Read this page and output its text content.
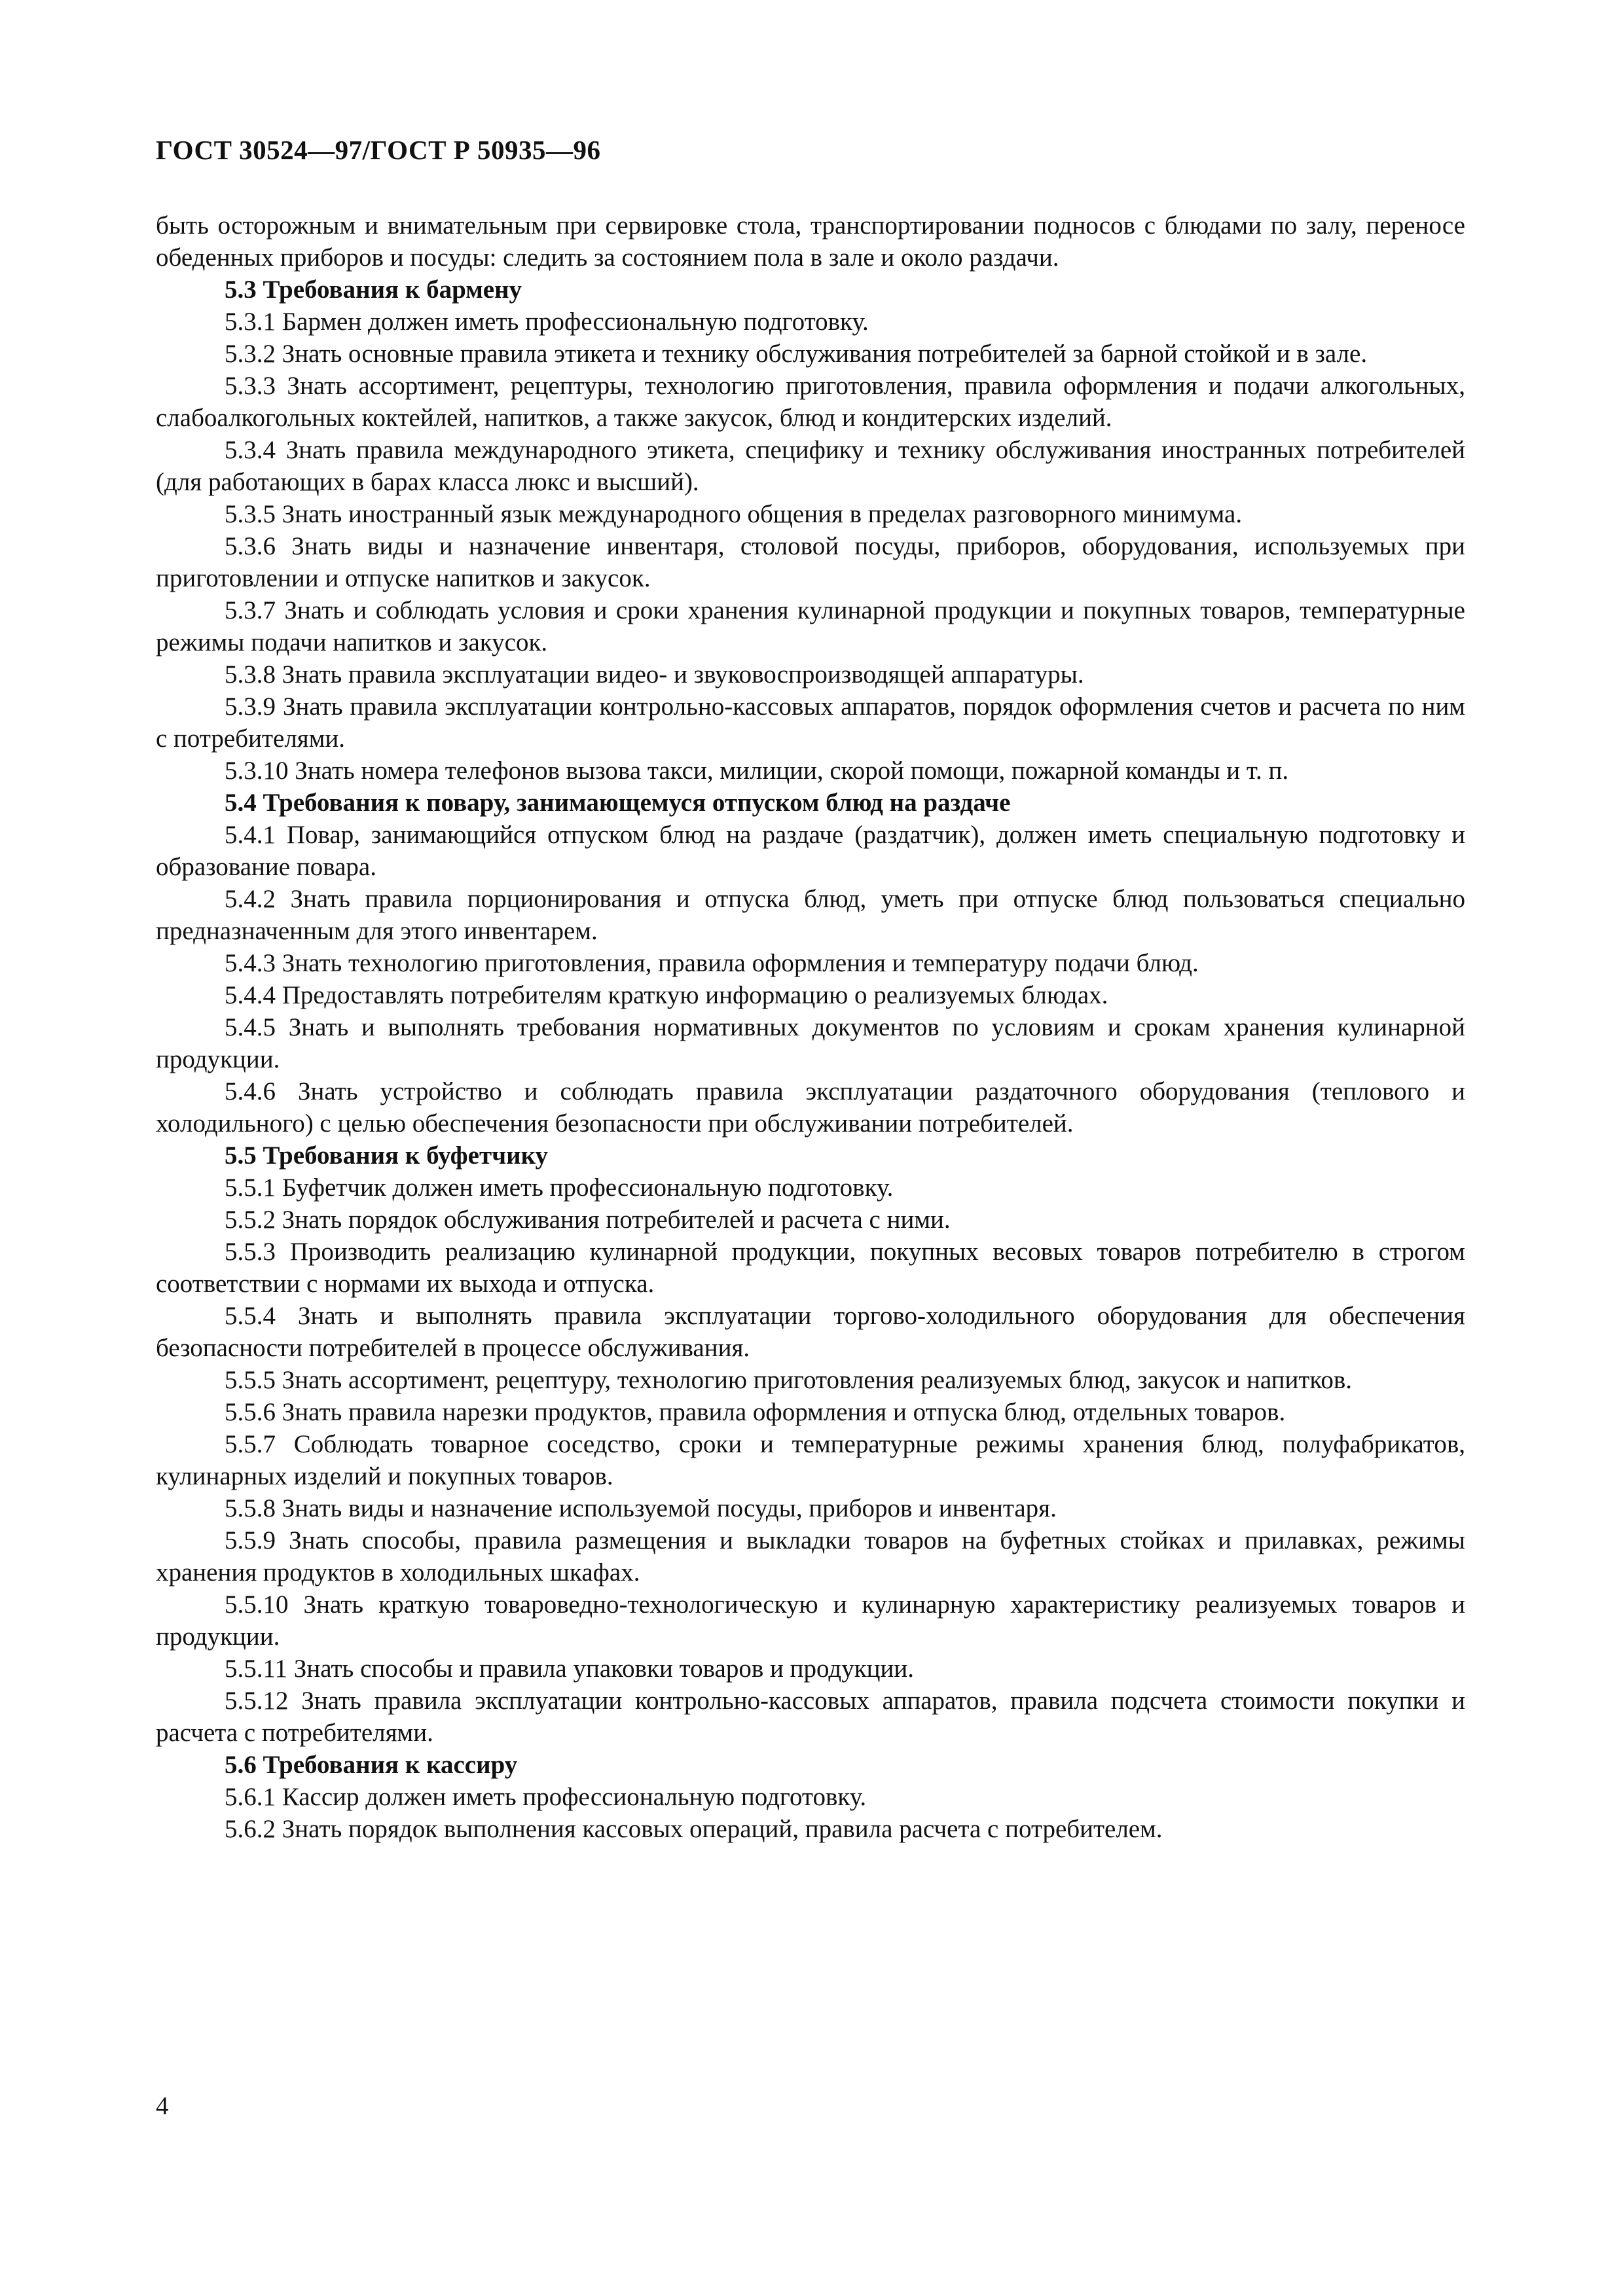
ГОСТ 30524—97/ГОСТ Р 50935—96

быть осторожным и внимательным при сервировке стола, транспортировании подносов с блюдами по залу, переносе обеденных приборов и посуды: следить за состоянием пола в зале и около раздачи.

5.3 Требования к бармену

5.3.1 Бармен должен иметь профессиональную подготовку.

5.3.2 Знать основные правила этикета и технику обслуживания потребителей за барной стойкой и в зале.

5.3.3 Знать ассортимент, рецептуры, технологию приготовления, правила оформления и подачи алкогольных, слабоалкогольных коктейлей, напитков, а также закусок, блюд и кондитерских изделий.

5.3.4 Знать правила международного этикета, специфику и технику обслуживания иностранных потребителей (для работающих в барах класса люкс и высший).

5.3.5 Знать иностранный язык международного общения в пределах разговорного минимума.

5.3.6 Знать виды и назначение инвентаря, столовой посуды, приборов, оборудования, используемых при приготовлении и отпуске напитков и закусок.

5.3.7 Знать и соблюдать условия и сроки хранения кулинарной продукции и покупных товаров, температурные режимы подачи напитков и закусок.

5.3.8 Знать правила эксплуатации видео- и звуковоспроизводящей аппаратуры.

5.3.9 Знать правила эксплуатации контрольно-кассовых аппаратов, порядок оформления счетов и расчета по ним с потребителями.

5.3.10 Знать номера телефонов вызова такси, милиции, скорой помощи, пожарной команды и т. п.

5.4 Требования к повару, занимающемуся отпуском блюд на раздаче

5.4.1 Повар, занимающийся отпуском блюд на раздаче (раздатчик), должен иметь специальную подготовку и образование повара.

5.4.2 Знать правила порционирования и отпуска блюд, уметь при отпуске блюд пользоваться специально предназначенным для этого инвентарем.

5.4.3 Знать технологию приготовления, правила оформления и температуру подачи блюд.

5.4.4 Предоставлять потребителям краткую информацию о реализуемых блюдах.

5.4.5 Знать и выполнять требования нормативных документов по условиям и срокам хранения кулинарной продукции.

5.4.6 Знать устройство и соблюдать правила эксплуатации раздаточного оборудования (теплового и холодильного) с целью обеспечения безопасности при обслуживании потребителей.

5.5 Требования к буфетчику

5.5.1 Буфетчик должен иметь профессиональную подготовку.

5.5.2 Знать порядок обслуживания потребителей и расчета с ними.

5.5.3 Производить реализацию кулинарной продукции, покупных весовых товаров потребителю в строгом соответствии с нормами их выхода и отпуска.

5.5.4 Знать и выполнять правила эксплуатации торгово-холодильного оборудования для обеспечения безопасности потребителей в процессе обслуживания.

5.5.5 Знать ассортимент, рецептуру, технологию приготовления реализуемых блюд, закусок и напитков.

5.5.6 Знать правила нарезки продуктов, правила оформления и отпуска блюд, отдельных товаров.

5.5.7 Соблюдать товарное соседство, сроки и температурные режимы хранения блюд, полуфабрикатов, кулинарных изделий и покупных товаров.

5.5.8 Знать виды и назначение используемой посуды, приборов и инвентаря.

5.5.9 Знать способы, правила размещения и выкладки товаров на буфетных стойках и прилавках, режимы хранения продуктов в холодильных шкафах.

5.5.10 Знать краткую товароведно-технологическую и кулинарную характеристику реализуемых товаров и продукции.

5.5.11 Знать способы и правила упаковки товаров и продукции.

5.5.12 Знать правила эксплуатации контрольно-кассовых аппаратов, правила подсчета стоимости покупки и расчета с потребителями.

5.6 Требования к кассиру

5.6.1 Кассир должен иметь профессиональную подготовку.

5.6.2 Знать порядок выполнения кассовых операций, правила расчета с потребителем.

4
